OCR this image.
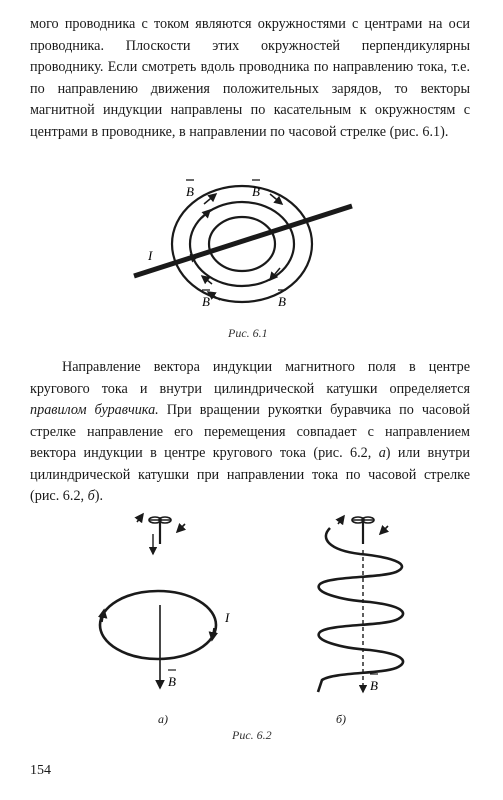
мого проводника с током являются окружностями с центрами на оси проводника. Плоскости этих окружностей перпендикулярны проводнику. Если смотреть вдоль проводника по направлению тока, т.е. по направлению движения положительных зарядов, то векторы магнитной индукции направлены по касательным к окружностям с центрами в проводнике, в направлении по часовой стрелке (рис. 6.1).

B	B
B	B
I
Рис. 6.1

Направление вектора индукции магнитного поля в центре кругового тока и внутри цилиндрической катушки определяется правилом буравчика. При вращении рукоятки буравчика по часовой стрелке направление его перемещения совпадает с направлением вектора индукции в центре кругового тока (рис. 6.2, а) или внутри цилиндрической катушки при направлении тока по часовой стрелке (рис. 6.2, б).

B
I
B
а)	б)
Рис. 6.2
154
